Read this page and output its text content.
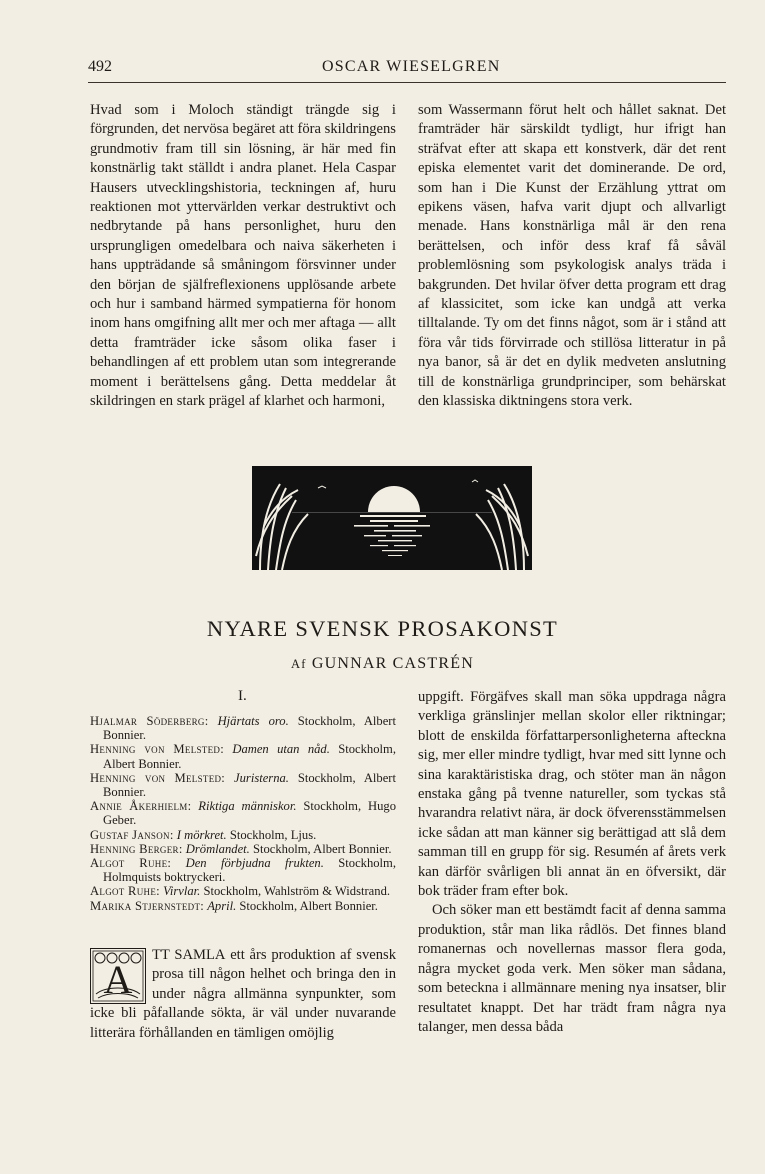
492	OSCAR WIESELGREN

Hvad som i Moloch ständigt trängde sig i förgrunden, det nervösa begäret att föra skildringens grundmotiv fram till sin lösning, är här med fin konstnärlig takt ställdt i andra planet. Hela Caspar Hausers utvecklingshistoria, teckningen af, huru reaktionen mot yttervärlden verkar destruktivt och nedbrytande på hans personlighet, huru den ursprungligen omedelbara och naiva säkerheten i hans uppträdande så småningom försvinner under den början de själfreflexionens upplösande arbete och hur i samband härmed sympatierna för honom inom hans omgifning allt mer och mer aftaga — allt detta framträder icke såsom olika faser i behandlingen af ett problem utan som integrerande moment i berättelsens gång. Detta meddelar åt skildringen en stark prägel af klarhet och harmoni,

som Wassermann förut helt och hållet saknat. Det framträder här särskildt tydligt, hur ifrigt han sträfvat efter att skapa ett konstverk, där det rent episka elementet varit det dominerande. De ord, som han i Die Kunst der Erzählung yttrat om epikens väsen, hafva varit djupt och allvarligt menade. Hans konstnärliga mål är den rena berättelsen, och inför dess kraf få såväl problemlösning som psykologisk analys träda i bakgrunden. Det hvilar öfver detta program ett drag af klassicitet, som icke kan undgå att verka tilltalande. Ty om det finns något, som är i stånd att föra vår tids förvirrade och stillösa litteratur in på nya banor, så är det en dylik medveten anslutning till de konstnärliga grundprinciper, som behärskat den klassiska diktningens stora verk.

NYARE SVENSK PROSAKONST
Af GUNNAR CASTRÉN
I.

Hjalmar Söderberg: Hjärtats oro. Stockholm, Albert Bonnier.

Henning von Melsted: Damen utan nåd. Stockholm, Albert Bonnier.

Henning von Melsted: Juristerna. Stockholm, Albert Bonnier.

Annie Åkerhielm: Riktiga människor. Stockholm, Hugo Geber.

Gustaf Janson: I mörkret. Stockholm, Ljus.

Henning Berger: Drömlandet. Stockholm, Albert Bonnier.

Algot Ruhe: Den förbjudna frukten. Stockholm, Holmquists boktryckeri.

Algot Ruhe: Virvlar. Stockholm, Wahlström & Widstrand.

Marika Stjernstedt: April. Stockholm, Albert Bonnier.

A
TT SAMLA ett års produktion af svensk prosa till någon helhet och bringa den in under några allmänna synpunkter, som icke bli påfallande sökta, är väl under nuvarande litterära förhållanden en tämligen omöjlig

uppgift. Förgäfves skall man söka uppdraga några verkliga gränslinjer mellan skolor eller riktningar; blott de enskilda författarpersonligheterna afteckna sig, mer eller mindre tydligt, hvar med sitt lynne och sina karaktäristiska drag, och stöter man än någon enstaka gång på tvenne naturellеr, som tyckas stå hvarandra relativt nära, är dock öfverensstämmelsen icke sådan att man känner sig berättigad att slå dem samman till en grupp för sig. Resumén af årets verk kan därför svårligen bli annat än en öfversikt, där bok träder fram efter bok.

Och söker man ett bestämdt facit af denna samma produktion, står man lika rådlös. Det finnes bland romanernas och novellernas massor flera goda, några mycket goda verk. Men söker man sådana, som beteckna i allmännare mening nya insatser, blir resultatet knappt. Det har trädt fram några nya talanger, men dessa båda
